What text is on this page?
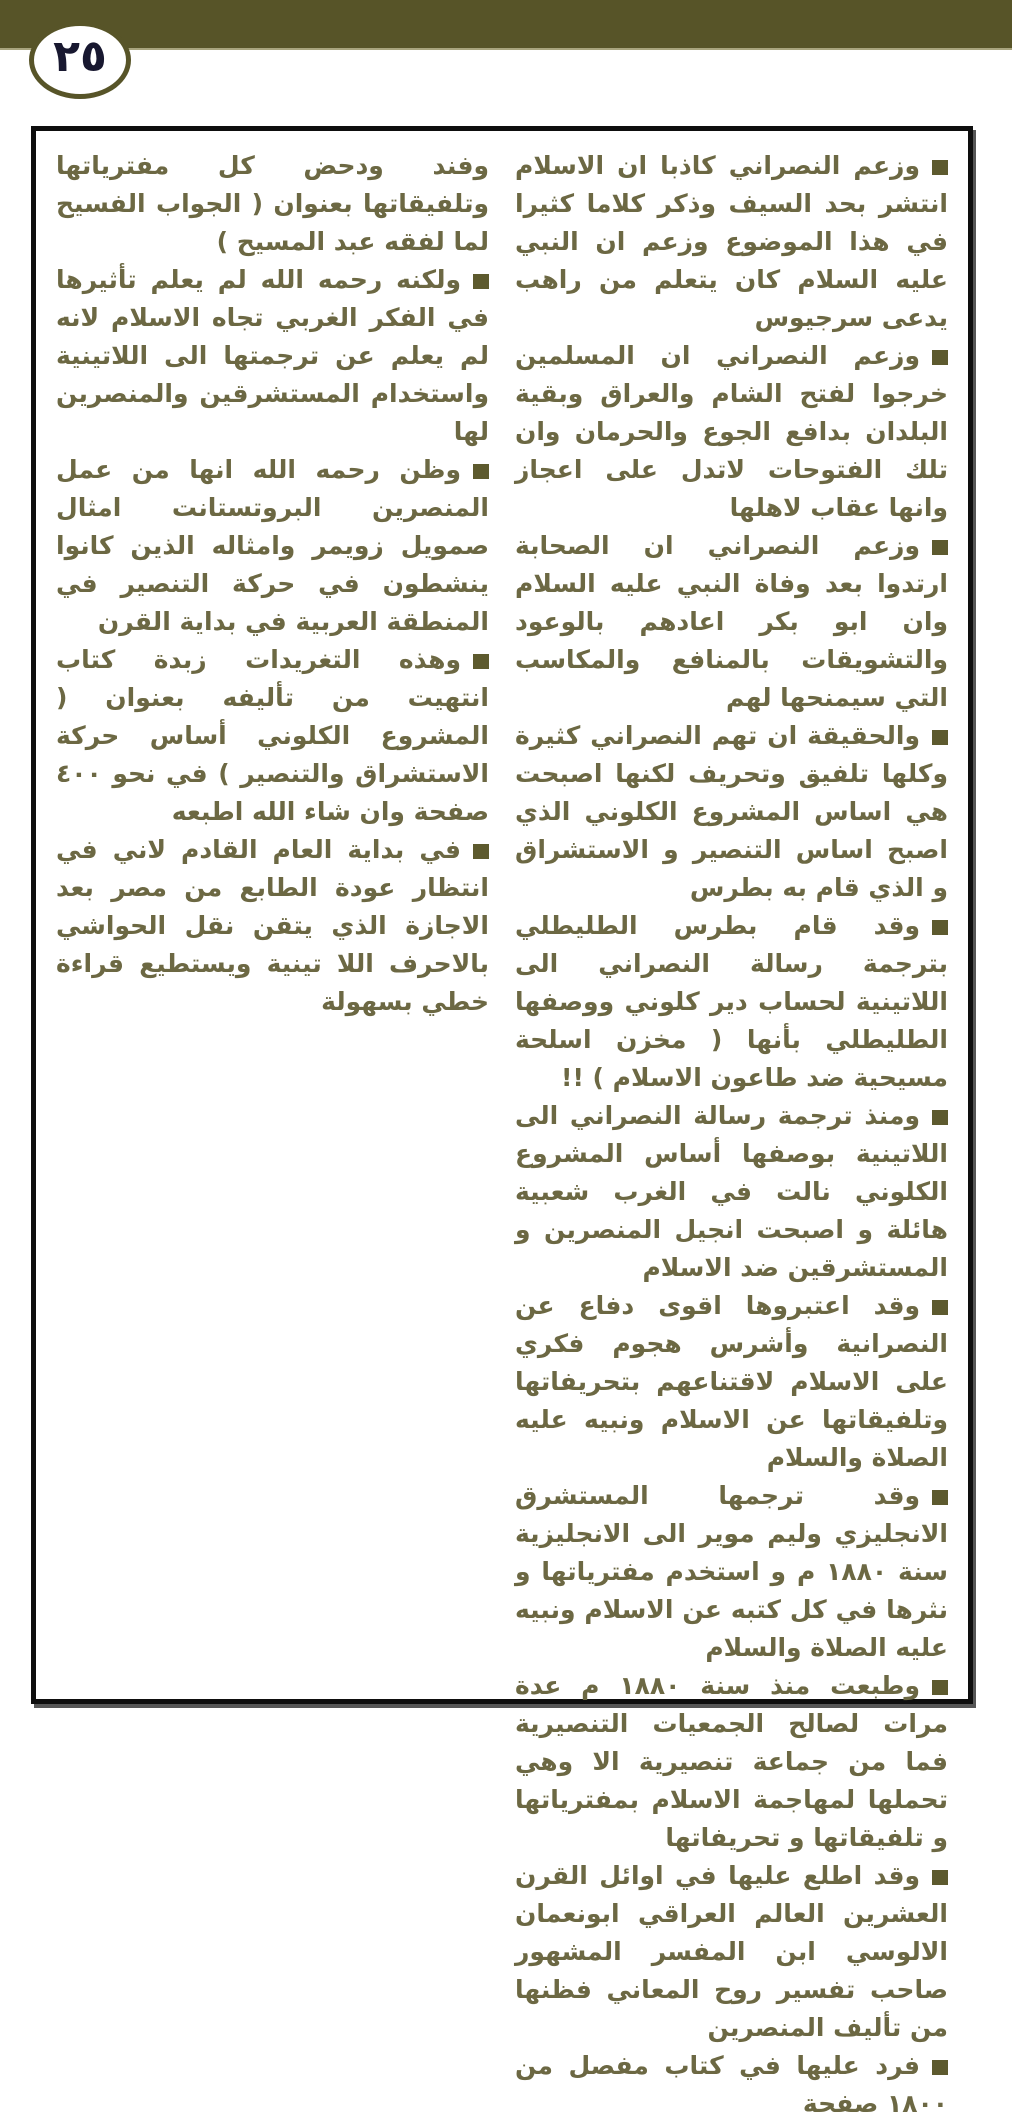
٢٥

وزعم النصراني كاذبا ان الاسلام انتشر بحد السيف وذكر كلاما كثيرا في هذا الموضوع وزعم ان النبي عليه السلام كان يتعلم من راهب يدعى سرجيوس

وزعم النصراني ان المسلمين خرجوا لفتح الشام والعراق وبقية البلدان بدافع الجوع والحرمان وان تلك الفتوحات لاتدل على اعجاز وانها عقاب لاهلها

وزعم النصراني ان الصحابة ارتدوا بعد وفاة النبي عليه السلام وان ابو بكر اعادهم بالوعود والتشويقات بالمنافع والمكاسب التي سيمنحها لهم

والحقيقة ان تهم النصراني كثيرة وكلها تلفيق وتحريف لكنها اصبحت هي اساس المشروع الكلوني الذي اصبح اساس التنصير و الاستشراق و الذي قام به بطرس

وقد قام بطرس الطليطلي بترجمة رسالة النصراني الى اللاتينية لحساب دير كلوني ووصفها الطليطلي بأنها ( مخزن اسلحة مسيحية ضد طاعون الاسلام ) !!

ومنذ ترجمة رسالة النصراني الى اللاتينية بوصفها أساس المشروع الكلوني نالت في الغرب شعبية هائلة و اصبحت انجيل المنصرين و المستشرقين ضد الاسلام

وقد اعتبروها اقوى دفاع عن النصرانية وأشرس هجوم فكري على الاسلام لاقتناعهم بتحريفاتها وتلفيقاتها عن الاسلام ونبيه عليه الصلاة والسلام

وقد ترجمها المستشرق الانجليزي وليم موير الى الانجليزية سنة ١٨٨٠ م و استخدم مفترياتها و نثرها في كل كتبه عن الاسلام ونبيه عليه الصلاة والسلام

وطبعت منذ سنة ١٨٨٠ م عدة مرات لصالح الجمعيات التنصيرية فما من جماعة تنصيرية الا وهي تحملها لمهاجمة الاسلام بمفترياتها و تلفيقاتها و تحريفاتها

وقد اطلع عليها في اوائل القرن العشرين العالم العراقي ابونعمان الالوسي ابن المفسر المشهور صاحب تفسير روح المعاني فظنها من تأليف المنصرين

فرد عليها في كتاب مفصل من ١٨٠٠ صفحة

وفند ودحض كل مفترياتها وتلفيقاتها بعنوان ( الجواب الفسيح لما لفقه عبد المسيح )

ولكنه رحمه الله لم يعلم تأثيرها في الفكر الغربي تجاه الاسلام لانه لم يعلم عن ترجمتها الى اللاتينية واستخدام المستشرقين والمنصرين لها

وظن رحمه الله انها من عمل المنصرين البروتستانت امثال صمويل زويمر وامثاله الذين كانوا ينشطون في حركة التنصير في المنطقة العربية في بداية القرن

وهذه التغريدات زبدة كتاب انتهيت من تأليفه بعنوان ( المشروع الكلوني أساس حركة الاستشراق والتنصير ) في نحو ٤٠٠ صفحة وان شاء الله اطبعه

في بداية العام القادم لاني في انتظار عودة الطابع من مصر بعد الاجازة الذي يتقن نقل الحواشي بالاحرف اللا تينية ويستطيع قراءة خطي بسهولة
